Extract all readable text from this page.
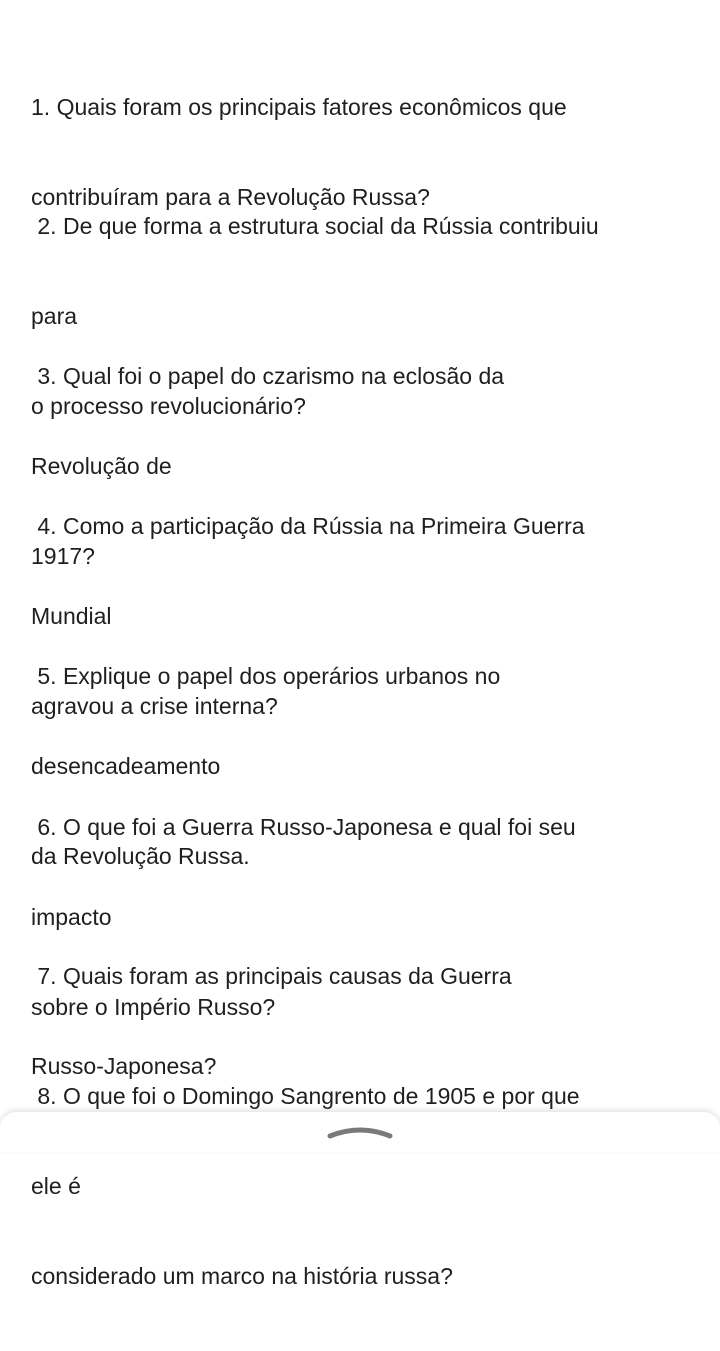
1. Quais foram os principais fatores econômicos que

contribuíram para a Revolução Russa?

2. De que forma a estrutura social da Rússia contribuiu

para

o processo revolucionário?

3. Qual foi o papel do czarismo na eclosão da

Revolução de

1917?

4. Como a participação da Rússia na Primeira Guerra

Mundial

agravou a crise interna?

5. Explique o papel dos operários urbanos no

desencadeamento

da Revolução Russa.

6. O que foi a Guerra Russo-Japonesa e qual foi seu

impacto

sobre o Império Russo?

7. Quais foram as principais causas da Guerra

Russo-Japonesa?

8. O que foi o Domingo Sangrento de 1905 e por que

ele é

considerado um marco na história russa?
